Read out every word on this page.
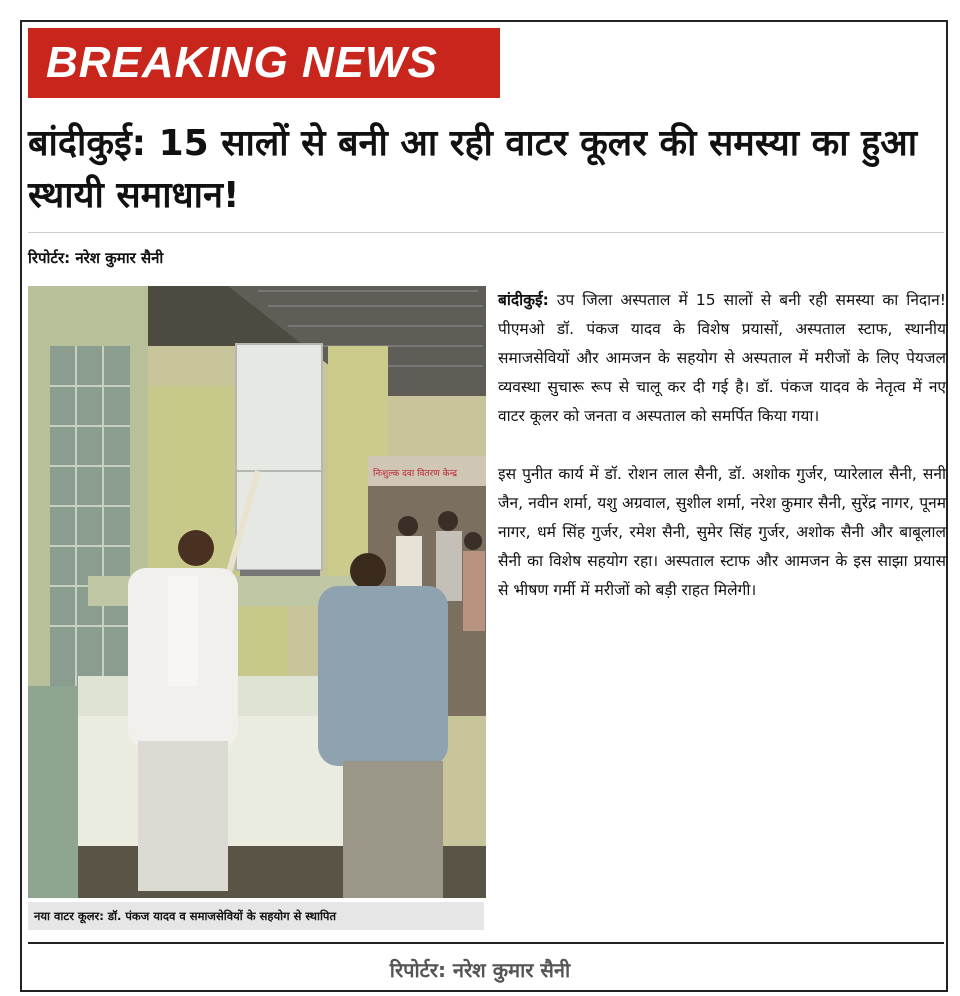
BREAKING NEWS
बांदीकुई: 15 सालों से बनी आ रही वाटर कूलर की समस्या का हुआ स्थायी समाधान!
रिपोर्टर: नरेश कुमार सैनी
निःशुल्क दवा वितरण केन्द्र
नया वाटर कूलर: डॉ. पंकज यादव व समाजसेवियों के सहयोग से स्थापित

बांदीकुई: उप जिला अस्पताल में 15 सालों से बनी रही समस्या का निदान! पीएमओ डॉ. पंकज यादव के विशेष प्रयासों, अस्पताल स्टाफ, स्थानीय समाजसेवियों और आमजन के सहयोग से अस्पताल में मरीजों के लिए पेयजल व्यवस्था सुचारू रूप से चालू कर दी गई है। डॉ. पंकज यादव के नेतृत्व में नए वाटर कूलर को जनता व अस्पताल को समर्पित किया गया।

इस पुनीत कार्य में डॉ. रोशन लाल सैनी, डॉ. अशोक गुर्जर, प्यारेलाल सैनी, सनी जैन, नवीन शर्मा, यशु अग्रवाल, सुशील शर्मा, नरेश कुमार सैनी, सुरेंद्र नागर, पूनम नागर, धर्म सिंह गुर्जर, रमेश सैनी, सुमेर सिंह गुर्जर, अशोक सैनी और बाबूलाल सैनी का विशेष सहयोग रहा। अस्पताल स्टाफ और आमजन के इस साझा प्रयास से भीषण गर्मी में मरीजों को बड़ी राहत मिलेगी।

रिपोर्टर: नरेश कुमार सैनी
